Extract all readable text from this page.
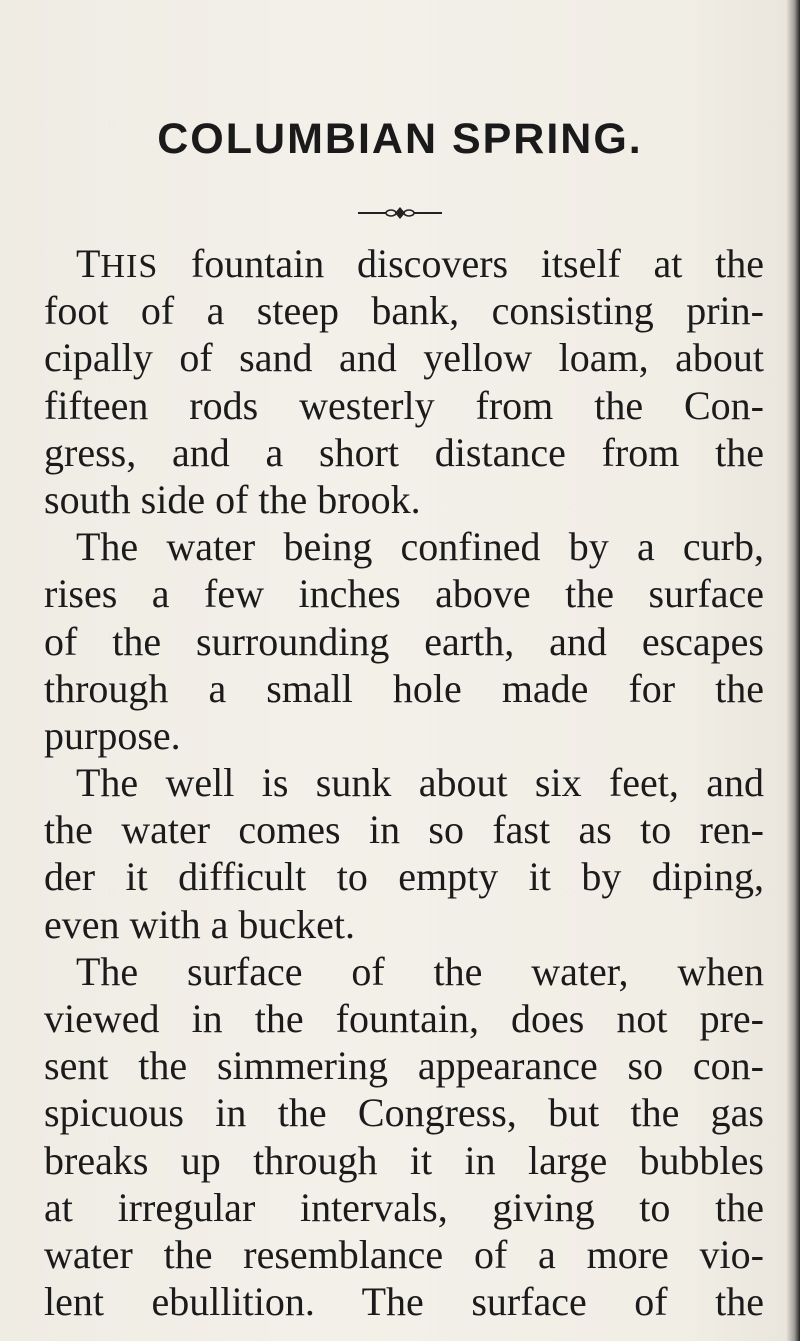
COLUMBIAN SPRING.
THIS fountain discovers itself at the
foot of a steep bank, consisting prin-
cipally of sand and yellow loam, about
fifteen rods westerly from the Con-
gress, and a short distance from the
south side of the brook.
The water being confined by a curb,
rises a few inches above the surface
of the surrounding earth, and escapes
through a small hole made for the
purpose.
The well is sunk about six feet, and
the water comes in so fast as to ren-
der it difficult to empty it by diping,
even with a bucket.
The surface of the water, when
viewed in the fountain, does not pre-
sent the simmering appearance so con-
spicuous in the Congress, but the gas
breaks up through it in large bubbles
at irregular intervals, giving to the
water the resemblance of a more vio-
lent ebullition. The surface of the
